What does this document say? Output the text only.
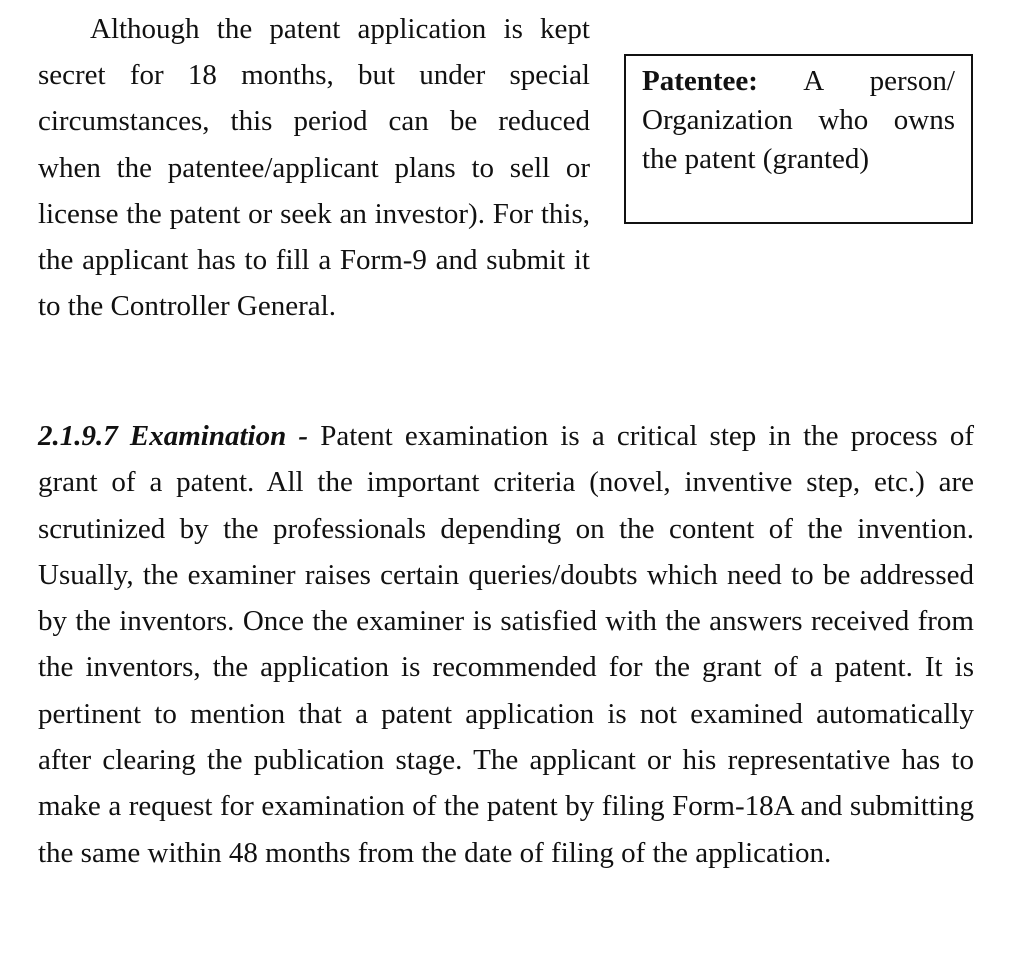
Although the patent application is kept secret for 18 months, but under special circumstances, this period can be reduced when the patentee/applicant plans to sell or license the patent or seek an investor). For this, the applicant has to fill a Form-9 and submit it to the Controller General.

Patentee: A person/ Organization who owns the patent (granted)

2.1.9.7 Examination - Patent examination is a critical step in the process of grant of a patent. All the important criteria (novel, inventive step, etc.) are scrutinized by the professionals depending on the content of the invention. Usually, the examiner raises certain queries/doubts which need to be addressed by the inventors. Once the examiner is satisfied with the answers received from the inventors, the application is recommended for the grant of a patent. It is pertinent to mention that a patent application is not examined automatically after clearing the publication stage. The applicant or his representative has to make a request for examination of the patent by filing Form-18A and submitting the same within 48 months from the date of filing of the application.
